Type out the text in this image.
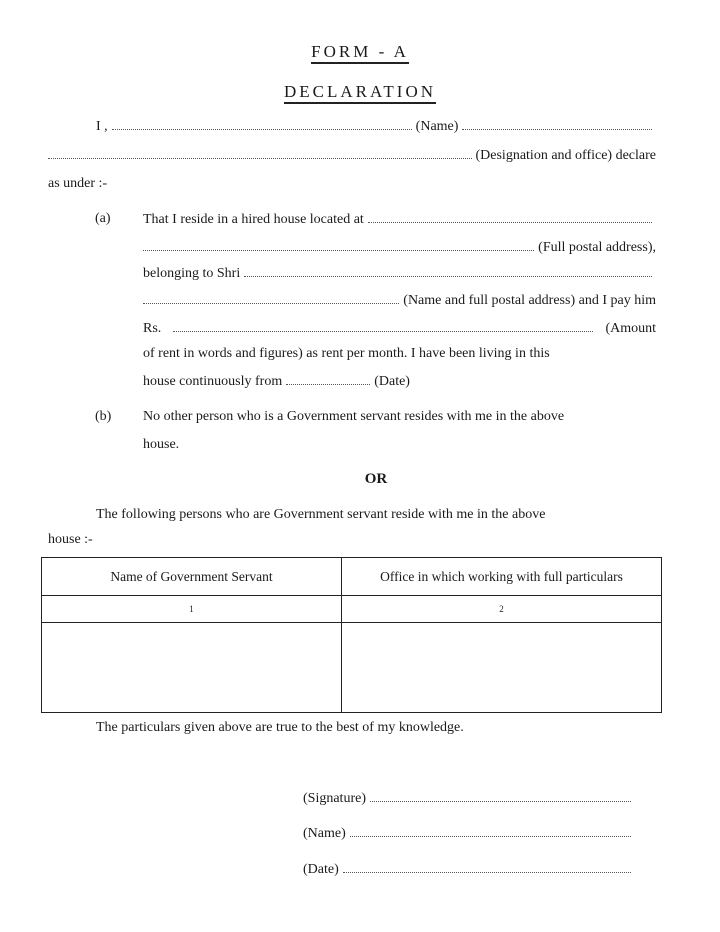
FORM - A
DECLARATION
I ,	(Name)
(Designation and office) declare
as under :-
(a) That I reside in a hired house located at
(Full postal address),
belonging to Shri
(Name and full postal address) and I pay him
Rs.	(Amount
of rent in words and figures) as rent per month. I have been living in this
house continuously from	(Date)
(b) No other person who is a Government servant resides with me in the above
house.
OR
The following persons who are Government servant reside with me in the above
house :-
Name of Government Servant	Office in which working with full particulars
1	2

The particulars given above are true to the best of my knowledge.
(Signature)
(Name)
(Date)
